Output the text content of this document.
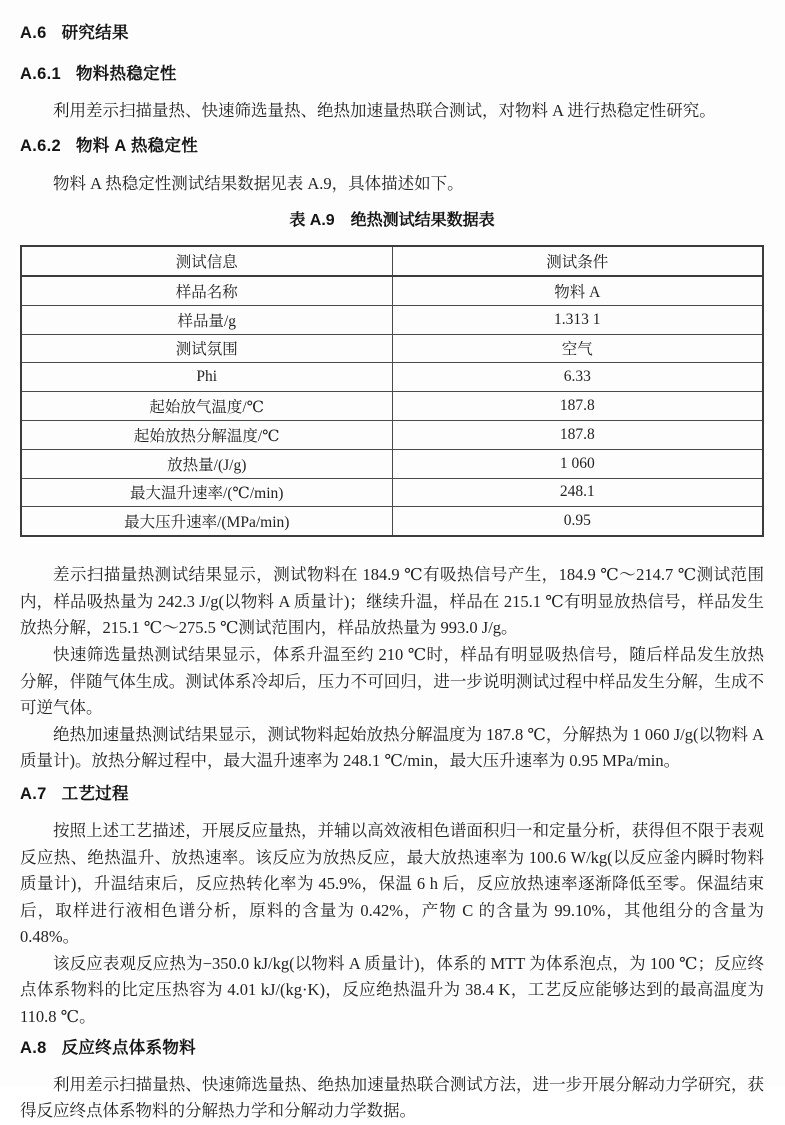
A.6 研究结果
A.6.1 物料热稳定性

利用差示扫描量热、快速筛选量热、绝热加速量热联合测试，对物料 A 进行热稳定性研究。

A.6.2 物料 A 热稳定性

物料 A 热稳定性测试结果数据见表 A.9，具体描述如下。

表 A.9 绝热测试结果数据表
测试信息	测试条件
样品名称	物料 A
样品量/g	1.313 1
测试氛围	空气
Phi	6.33
起始放气温度/℃	187.8
起始放热分解温度/℃	187.8
放热量/(J/g)	1 060
最大温升速率/(℃/min)	248.1
最大压升速率/(MPa/min)	0.95

差示扫描量热测试结果显示，测试物料在 184.9 ℃有吸热信号产生，184.9 ℃～214.7 ℃测试范围内，样品吸热量为 242.3 J/g(以物料 A 质量计)；继续升温，样品在 215.1 ℃有明显放热信号，样品发生放热分解，215.1 ℃～275.5 ℃测试范围内，样品放热量为 993.0 J/g。

快速筛选量热测试结果显示，体系升温至约 210 ℃时，样品有明显吸热信号，随后样品发生放热分解，伴随气体生成。测试体系冷却后，压力不可回归，进一步说明测试过程中样品发生分解，生成不可逆气体。

绝热加速量热测试结果显示，测试物料起始放热分解温度为 187.8 ℃，分解热为 1 060 J/g(以物料 A 质量计)。放热分解过程中，最大温升速率为 248.1 ℃/min，最大压升速率为 0.95 MPa/min。

A.7 工艺过程

按照上述工艺描述，开展反应量热，并辅以高效液相色谱面积归一和定量分析，获得但不限于表观反应热、绝热温升、放热速率。该反应为放热反应，最大放热速率为 100.6 W/kg(以反应釜内瞬时物料质量计)，升温结束后，反应热转化率为 45.9%，保温 6 h 后，反应放热速率逐渐降低至零。保温结束后，取样进行液相色谱分析，原料的含量为 0.42%，产物 C 的含量为 99.10%，其他组分的含量为 0.48%。

该反应表观反应热为−350.0 kJ/kg(以物料 A 质量计)，体系的 MTT 为体系泡点，为 100 ℃；反应终点体系物料的比定压热容为 4.01 kJ/(kg·K)，反应绝热温升为 38.4 K，工艺反应能够达到的最高温度为 110.8 ℃。

A.8 反应终点体系物料

利用差示扫描量热、快速筛选量热、绝热加速量热联合测试方法，进一步开展分解动力学研究，获得反应终点体系物料的分解热力学和分解动力学数据。
